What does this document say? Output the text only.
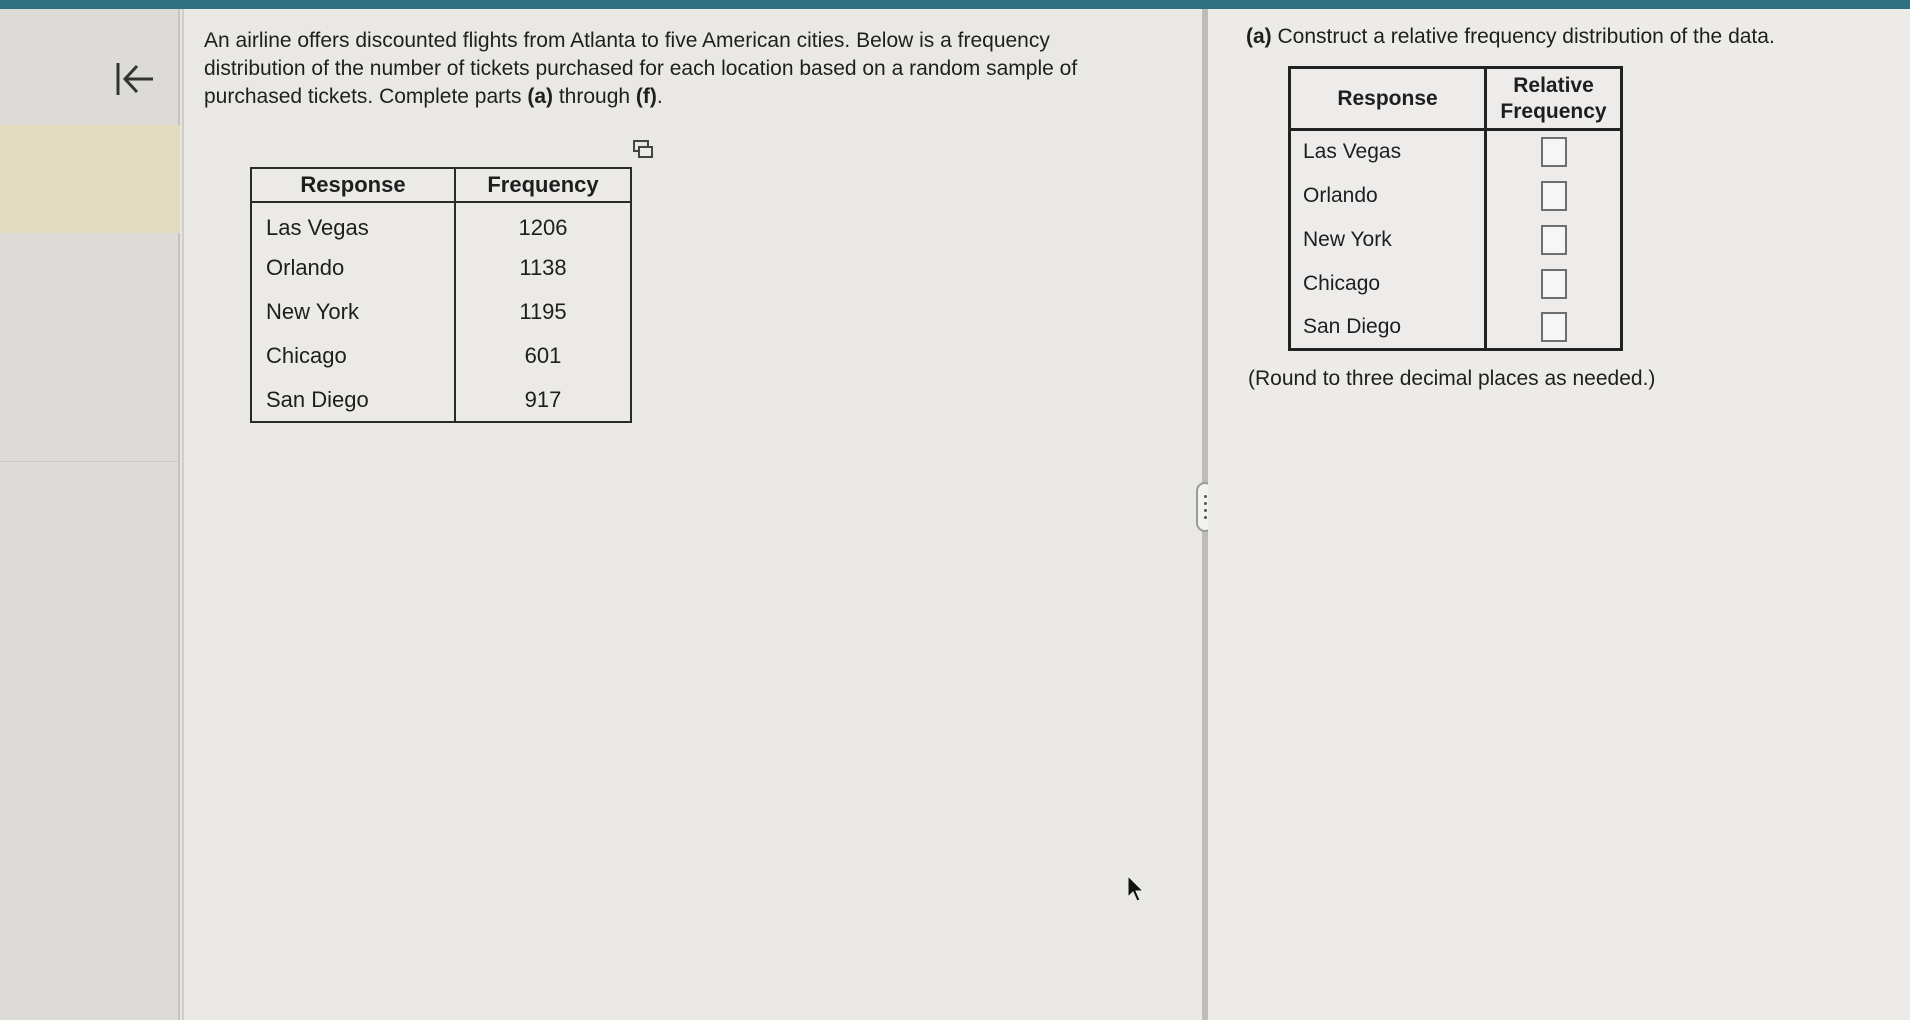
An airline offers discounted flights from Atlanta to five American cities. Below is a frequency distribution of the number of tickets purchased for each location based on a random sample of purchased tickets. Complete parts (a) through (f).

Response	Frequency
Las Vegas	1206
Orlando	1138
New York	1195
Chicago	601
San Diego	917

(a) Construct a relative frequency distribution of the data.

Response	Relative
Frequency
Las Vegas	
Orlando	
New York	
Chicago	
San Diego	

(Round to three decimal places as needed.)
